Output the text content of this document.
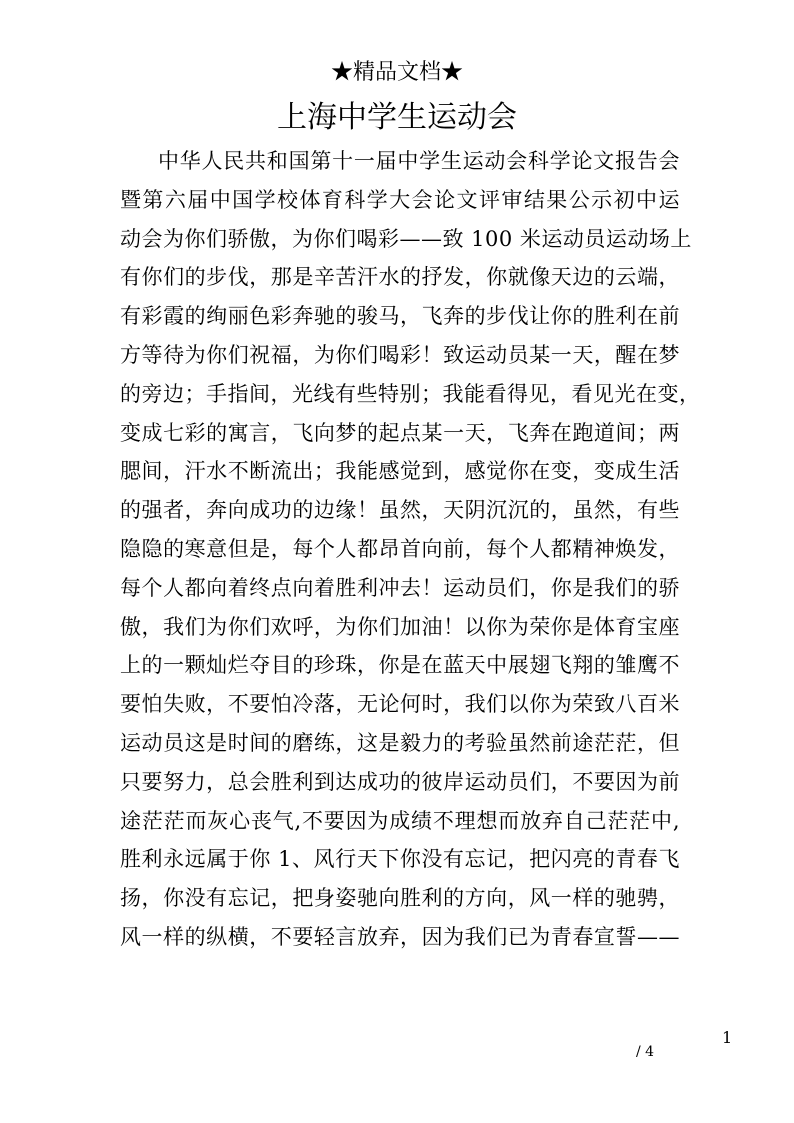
★精品文档★
上海中学生运动会
中华人民共和国第十一届中学生运动会科学论文报告会
暨第六届中国学校体育科学大会论文评审结果公示初中运
动会为你们骄傲，为你们喝彩——致 100 米运动员运动场上
有你们的步伐，那是辛苦汗水的抒发，你就像天边的云端，
有彩霞的绚丽色彩奔驰的骏马，飞奔的步伐让你的胜利在前
方等待为你们祝福，为你们喝彩！致运动员某一天，醒在梦
的旁边；手指间，光线有些特别；我能看得见，看见光在变，
变成七彩的寓言，飞向梦的起点某一天，飞奔在跑道间；两
腮间，汗水不断流出；我能感觉到，感觉你在变，变成生活
的强者，奔向成功的边缘！虽然，天阴沉沉的，虽然，有些
隐隐的寒意但是，每个人都昂首向前，每个人都精神焕发，
每个人都向着终点向着胜利冲去！运动员们，你是我们的骄
傲，我们为你们欢呼，为你们加油！以你为荣你是体育宝座
上的一颗灿烂夺目的珍珠，你是在蓝天中展翅飞翔的雏鹰不
要怕失败，不要怕冷落，无论何时，我们以你为荣致八百米
运动员这是时间的磨练，这是毅力的考验虽然前途茫茫，但
只要努力，总会胜利到达成功的彼岸运动员们，不要因为前
途茫茫而灰心丧气,不要因为成绩不理想而放弃自己茫茫中,
胜利永远属于你 1、风行天下你没有忘记，把闪亮的青春飞
扬，你没有忘记，把身姿驰向胜利的方向，风一样的驰骋，
风一样的纵横，不要轻言放弃，因为我们已为青春宣誓——
1
/ 4
